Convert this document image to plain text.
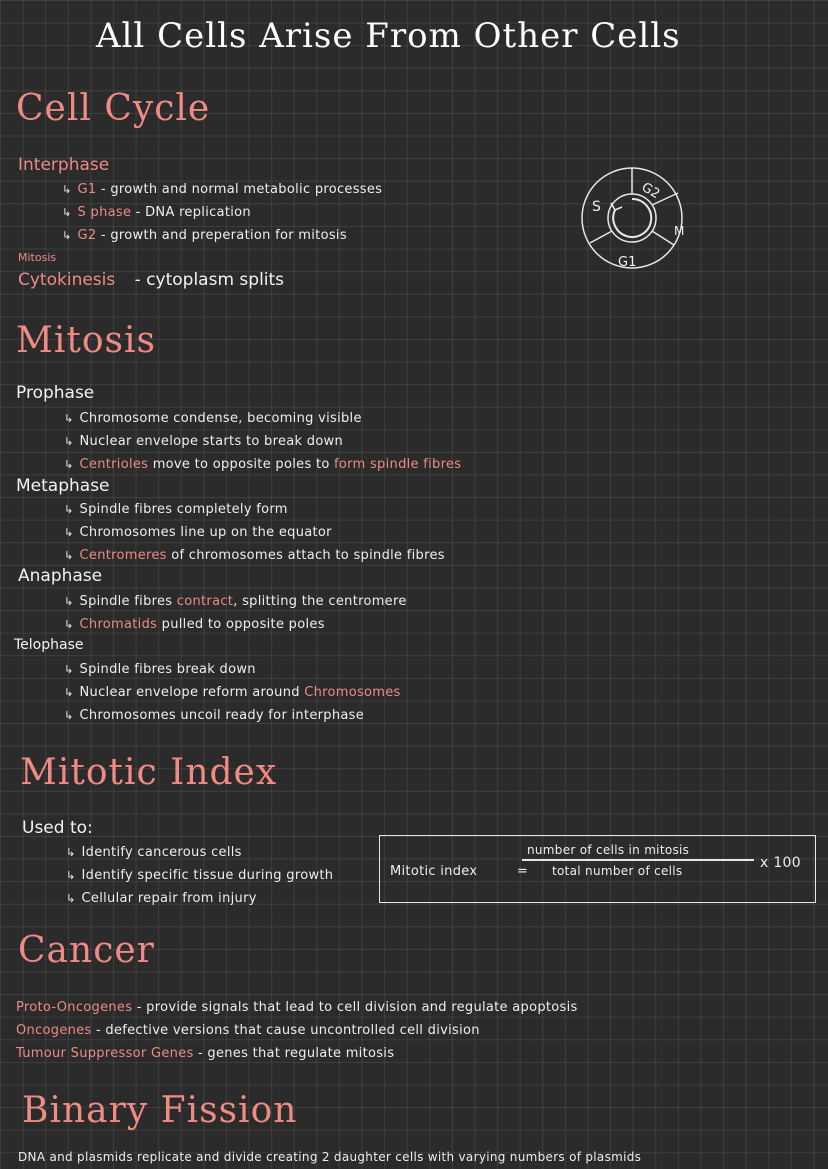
All Cells Arise From Other Cells
Cell Cycle
Interphase
↳ G1 - growth and normal metabolic processes
↳ S phase - DNA replication
↳ G2 - growth and preperation for mitosis
Mitosis
Cytokinesis - cytoplasm splits
S
G2
M
G1
Mitosis
Prophase
↳ Chromosome condense, becoming visible
↳ Nuclear envelope starts to break down
↳ Centrioles move to opposite poles to form spindle fibres
Metaphase
↳ Spindle fibres completely form
↳ Chromosomes line up on the equator
↳ Centromeres of chromosomes attach to spindle fibres
Anaphase
↳ Spindle fibres contract, splitting the centromere
↳ Chromatids pulled to opposite poles
Telophase
↳ Spindle fibres break down
↳ Nuclear envelope reform around Chromosomes
↳ Chromosomes uncoil ready for interphase
Mitotic Index
Used to:
↳ Identify cancerous cells
↳ Identify specific tissue during growth
↳ Cellular repair from injury
Mitotic index	=
number of cells in mitosis
total number of cells	x 100
Cancer
Proto-Oncogenes - provide signals that lead to cell division and regulate apoptosis
Oncogenes - defective versions that cause uncontrolled cell division
Tumour Suppressor Genes - genes that regulate mitosis
Binary Fission
DNA and plasmids replicate and divide creating 2 daughter cells with varying numbers of plasmids
